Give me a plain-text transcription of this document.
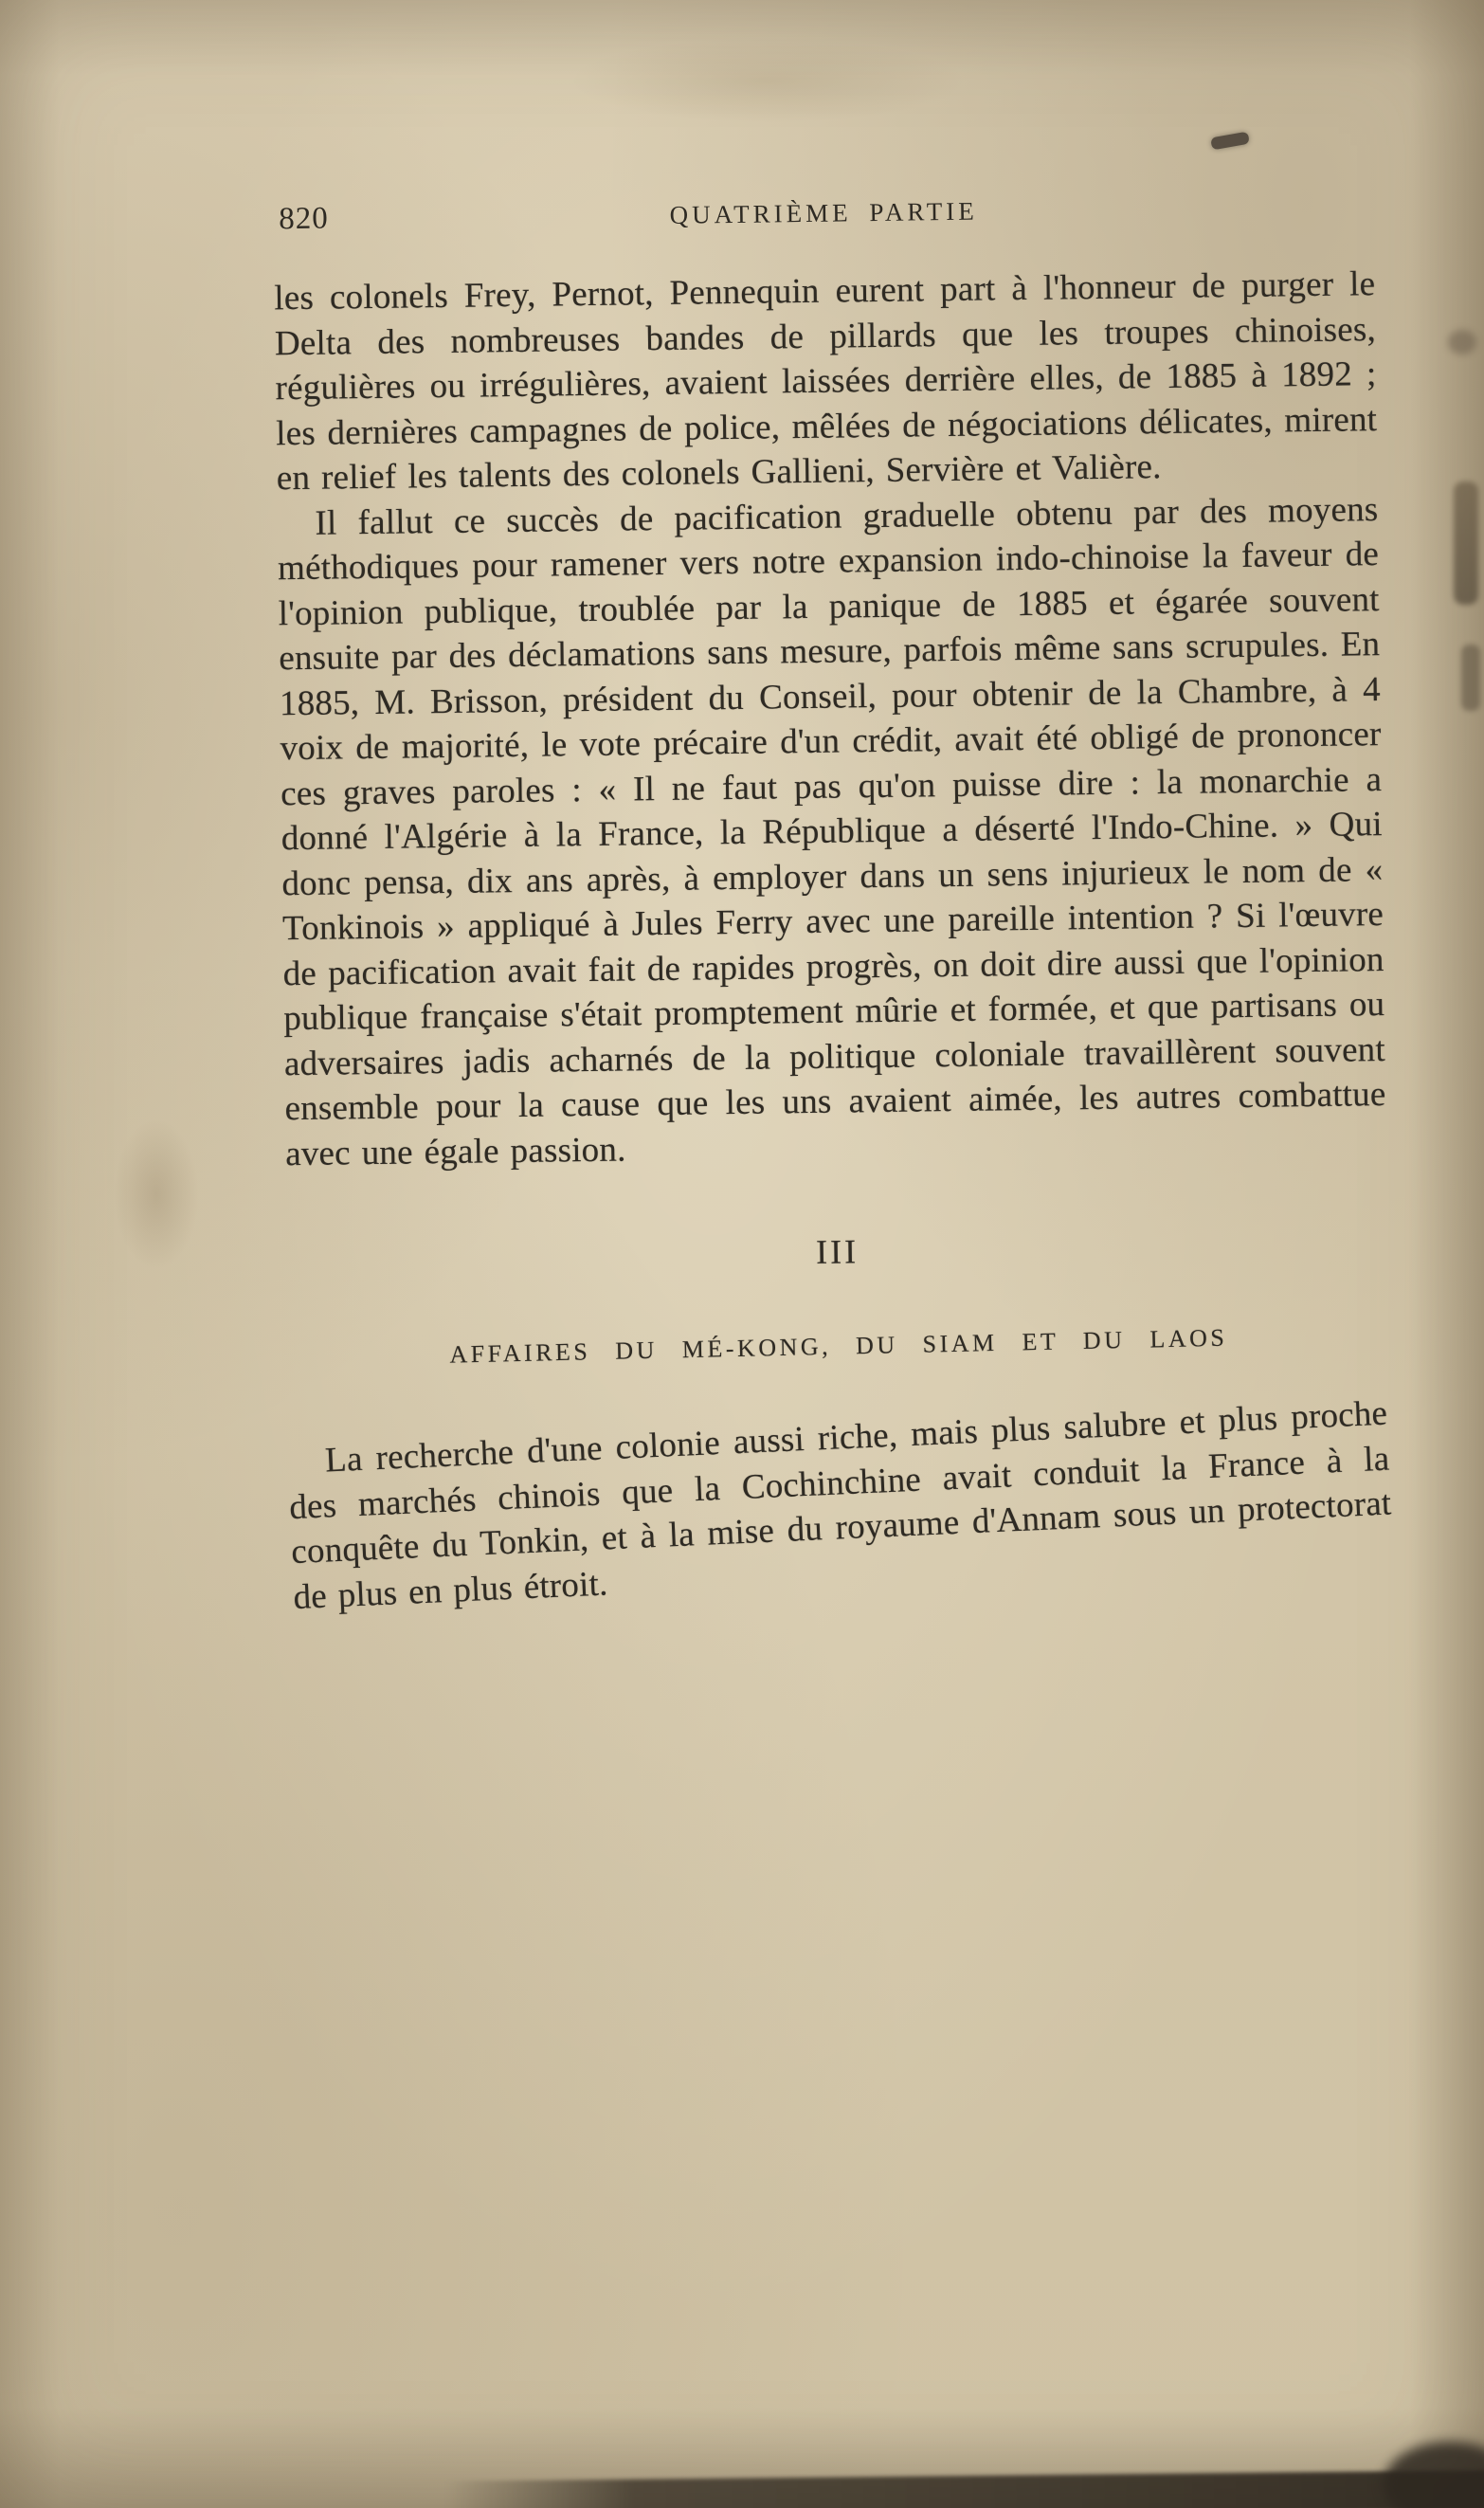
820	QUATRIÈME PARTIE

les colonels Frey, Pernot, Pennequin eurent part à l'honneur de purger le Delta des nombreuses bandes de pillards que les troupes chinoises, régulières ou irrégulières, avaient laissées derrière elles, de 1885 à 1892 ; les dernières campagnes de police, mêlées de négociations délicates, mirent en relief les talents des colonels Gallieni, Servière et Valière.

Il fallut ce succès de pacification graduelle obtenu par des moyens méthodiques pour ramener vers notre expansion indo-chinoise la faveur de l'opinion publique, troublée par la panique de 1885 et égarée souvent ensuite par des déclamations sans mesure, parfois même sans scrupules. En 1885, M. Brisson, président du Conseil, pour obtenir de la Chambre, à 4 voix de majorité, le vote précaire d'un crédit, avait été obligé de prononcer ces graves paroles : « Il ne faut pas qu'on puisse dire : la monarchie a donné l'Algérie à la France, la République a déserté l'Indo-Chine. » Qui donc pensa, dix ans après, à employer dans un sens injurieux le nom de « Tonkinois » appliqué à Jules Ferry avec une pareille intention ? Si l'œuvre de pacification avait fait de rapides progrès, on doit dire aussi que l'opinion publique française s'était promptement mûrie et formée, et que partisans ou adversaires jadis acharnés de la politique coloniale travaillèrent souvent ensemble pour la cause que les uns avaient aimée, les autres combattue avec une égale passion.

III
AFFAIRES DU MÉ-KONG, DU SIAM ET DU LAOS

La recherche d'une colonie aussi riche, mais plus salubre et plus proche des marchés chinois que la Cochinchine avait conduit la France à la conquête du Tonkin, et à la mise du royaume d'Annam sous un protectorat de plus en plus étroit.
